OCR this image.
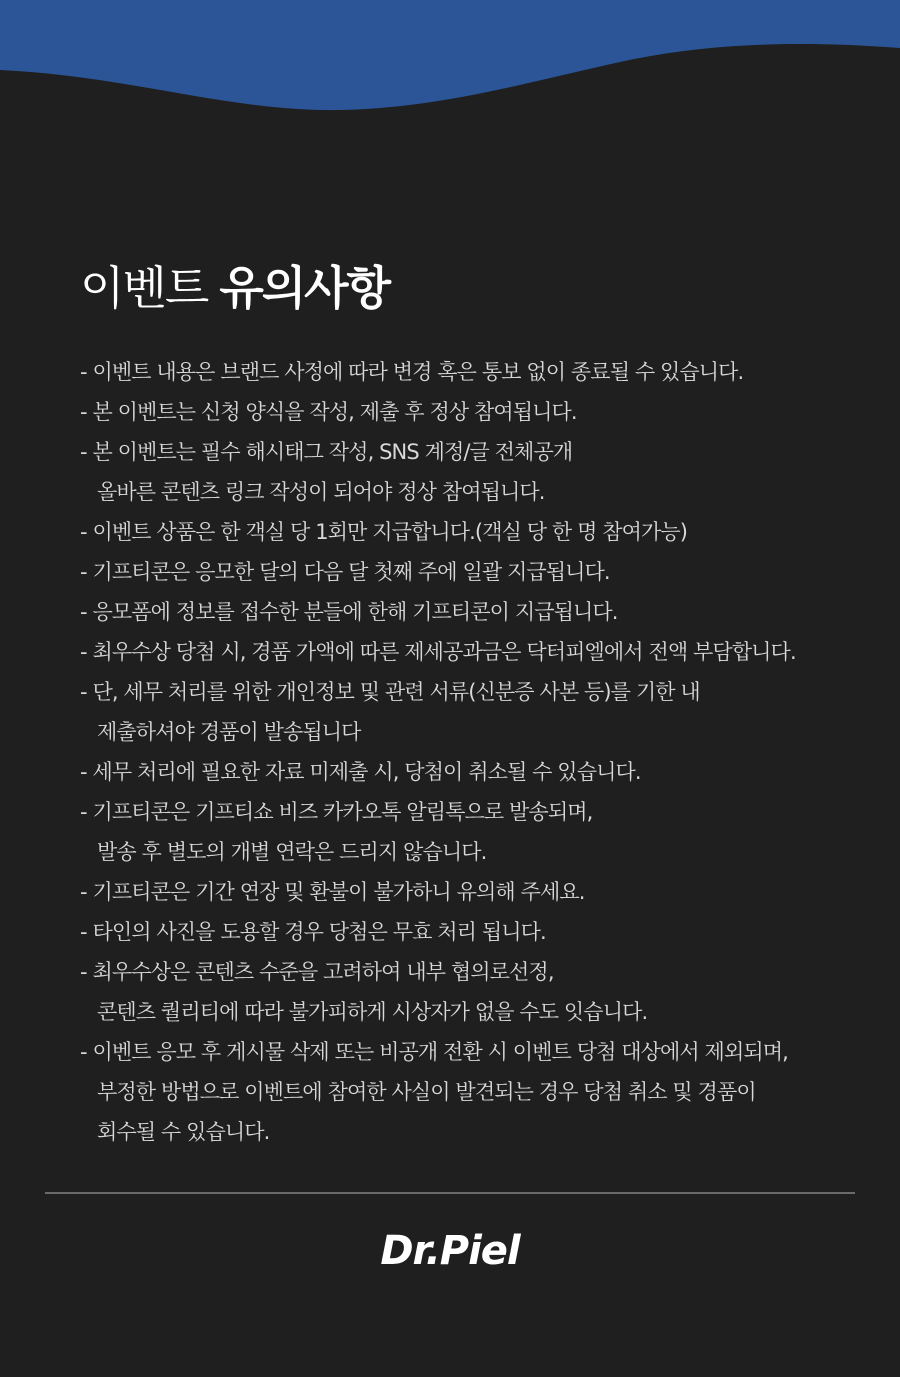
이벤트 유의사항
- 이벤트 내용은 브랜드 사정에 따라 변경 혹은 통보 없이 종료될 수 있습니다.
- 본 이벤트는 신청 양식을 작성, 제출 후 정상 참여됩니다.
- 본 이벤트는 필수 해시태그 작성, SNS 계정/글 전체공개
올바른 콘텐츠 링크 작성이 되어야 정상 참여됩니다.
- 이벤트 상품은 한 객실 당 1회만 지급합니다.(객실 당 한 명 참여가능)
- 기프티콘은 응모한 달의 다음 달 첫째 주에 일괄 지급됩니다.
- 응모폼에 정보를 접수한 분들에 한해 기프티콘이 지급됩니다.
- 최우수상 당첨 시, 경품 가액에 따른 제세공과금은 닥터피엘에서 전액 부담합니다.
- 단, 세무 처리를 위한 개인정보 및 관련 서류(신분증 사본 등)를 기한 내
제출하셔야 경품이 발송됩니다
- 세무 처리에 필요한 자료 미제출 시, 당첨이 취소될 수 있습니다.
- 기프티콘은 기프티쇼 비즈 카카오톡 알림톡으로 발송되며,
발송 후 별도의 개별 연락은 드리지 않습니다.
- 기프티콘은 기간 연장 및 환불이 불가하니 유의해 주세요.
- 타인의 사진을 도용할 경우 당첨은 무효 처리 됩니다.
- 최우수상은 콘텐츠 수준을 고려하여 내부 협의로선정,
콘텐츠 퀄리티에 따라 불가피하게 시상자가 없을 수도 잇습니다.
- 이벤트 응모 후 게시물 삭제 또는 비공개 전환 시 이벤트 당첨 대상에서 제외되며,
부정한 방법으로 이벤트에 참여한 사실이 발견되는 경우 당첨 취소 및 경품이
회수될 수 있습니다.
Dr.Piel
